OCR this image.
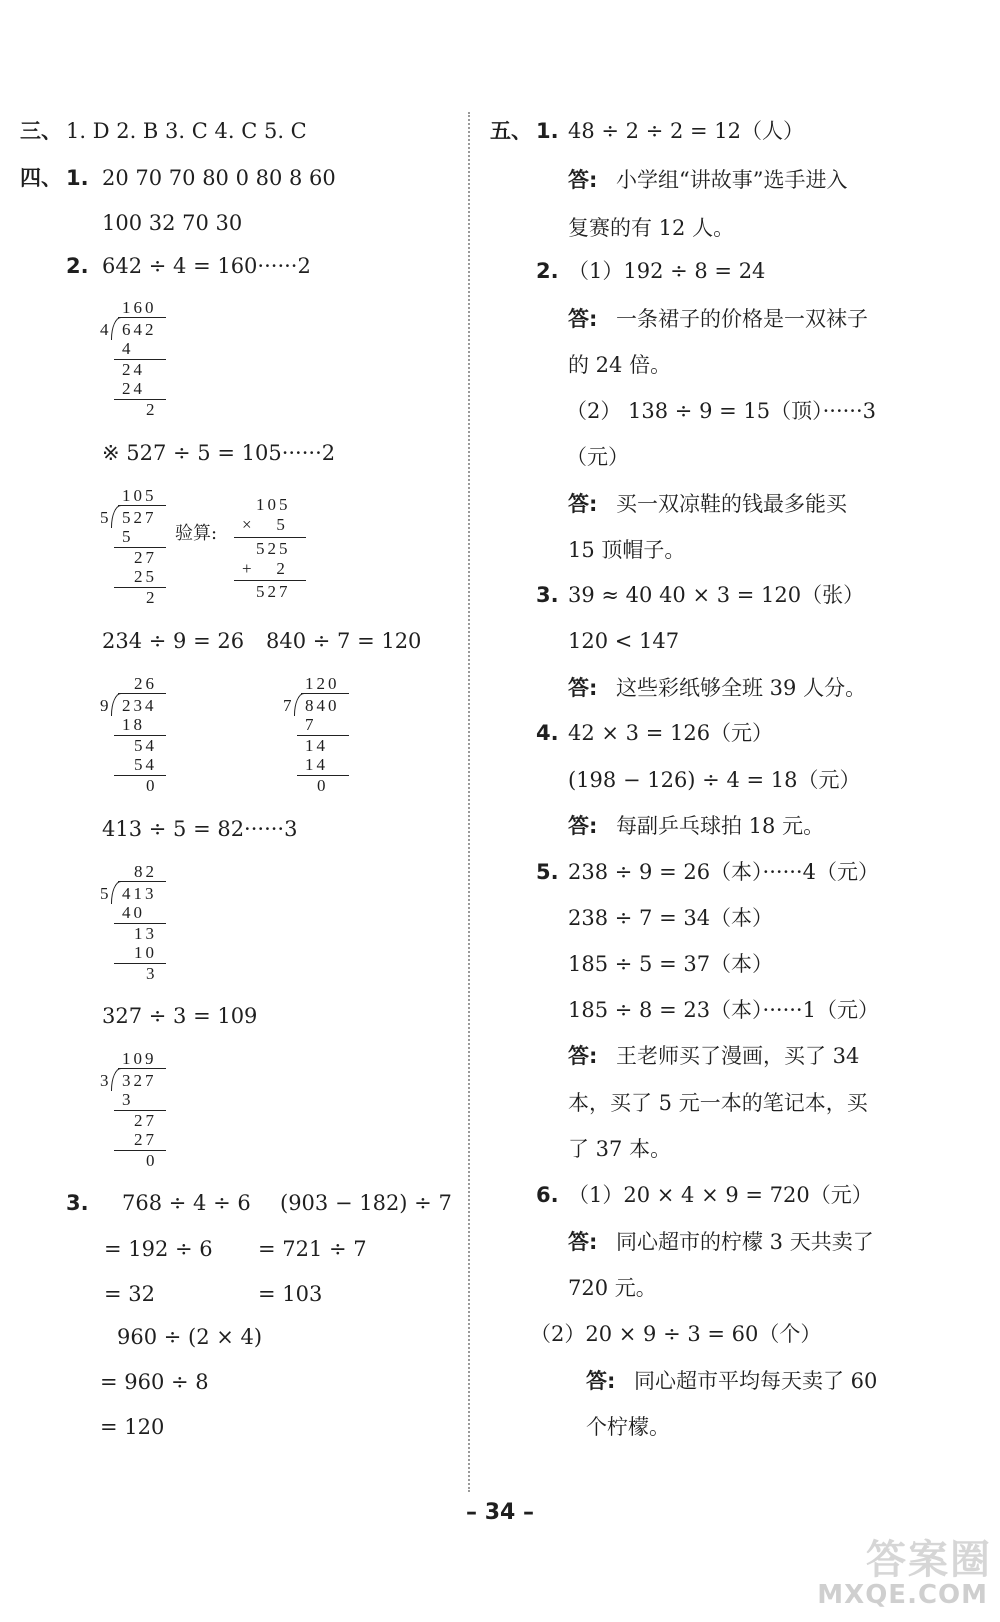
三、 1. D 2. B 3. C 4. C 5. C
四、 1. 20 70 70 80 0 80 8 60
100 32 70 30
2. 642 ÷ 4 = 160······2
160
4 642
4
24
24
2
※ 527 ÷ 5 = 105······2
105
5 527
5
27
25
2
验算:
105
×   5
525
+   2
527
234 ÷ 9 = 26 840 ÷ 7 = 120
26
9 234
18
54
54
0
120
7 840
7
14
14
0
413 ÷ 5 = 82······3
82
5 413
40
13
10
3
327 ÷ 3 = 109
109
3 327
3
27
27
0
3. 768 ÷ 4 ÷ 6
= 192 ÷ 6
= 32
(903 − 182) ÷ 7
= 721 ÷ 7
= 103
960 ÷ (2 × 4)
= 960 ÷ 8
= 120
五、 1. 48 ÷ 2 ÷ 2 = 12（人）
答: 小学组“讲故事”选手进入
复赛的有 12 人。
2. （1）192 ÷ 8 = 24
答: 一条裙子的价格是一双袜子
的 24 倍。
（2） 138 ÷ 9 = 15（顶）······3
（元）
答: 买一双凉鞋的钱最多能买
15 顶帽子。
3. 39 ≈ 40 40 × 3 = 120（张）
120 < 147
答: 这些彩纸够全班 39 人分。
4. 42 × 3 = 126（元）
(198 − 126) ÷ 4 = 18（元）
答: 每副乒乓球拍 18 元。
5. 238 ÷ 9 = 26（本）······4（元）
238 ÷ 7 = 34（本）
185 ÷ 5 = 37（本）
185 ÷ 8 = 23（本）······1（元）
答: 王老师买了漫画，买了 34
本，买了 5 元一本的笔记本，买
了 37 本。
6. （1）20 × 4 × 9 = 720（元）
答: 同心超市的柠檬 3 天共卖了
720 元。
（2）20 × 9 ÷ 3 = 60（个）
答: 同心超市平均每天卖了 60
个柠檬。
– 34 –
答案圈
MXQE.COM
